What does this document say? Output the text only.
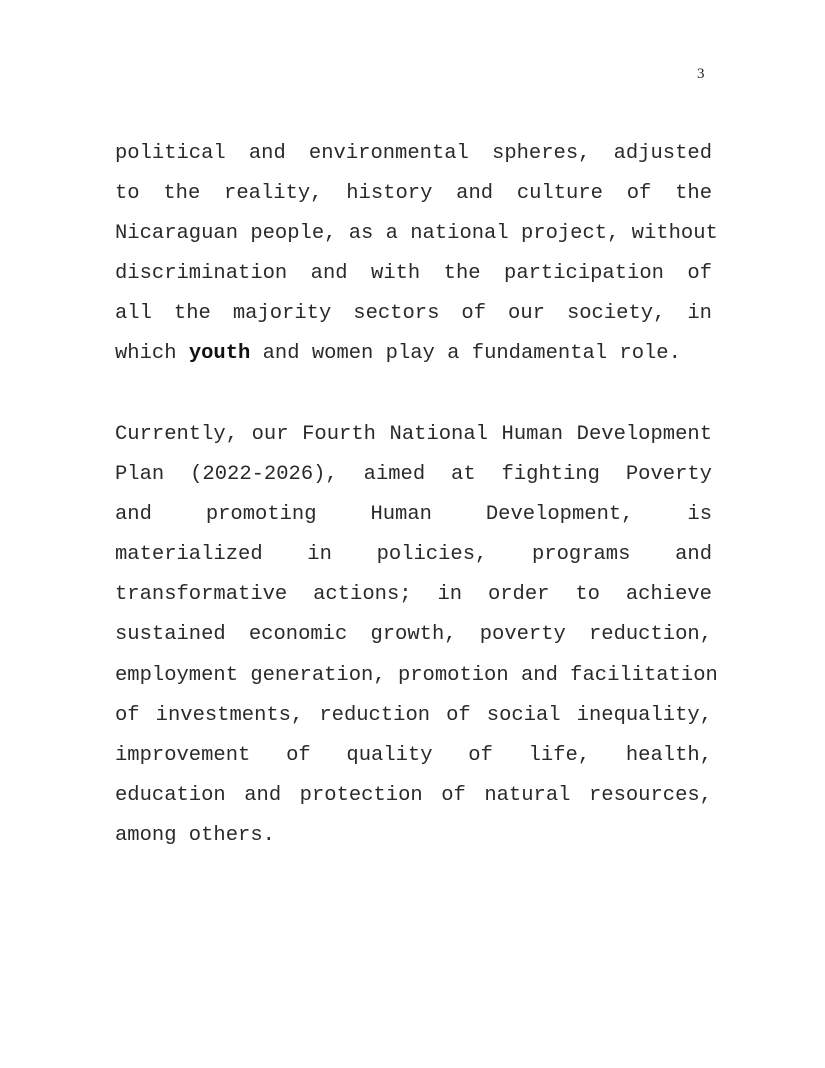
3
political and environmental spheres, adjusted
to the reality, history and culture of the
Nicaraguan people, as a national project, without
discrimination and with the participation of
all the majority sectors of our society, in
which youth and women play a fundamental role.
Currently, our Fourth National Human Development
Plan (2022-2026), aimed at fighting Poverty
and promoting Human Development, is
materialized in policies, programs and
transformative actions; in order to achieve
sustained economic growth, poverty reduction,
employment generation, promotion and facilitation
of investments, reduction of social inequality,
improvement of quality of life, health,
education and protection of natural resources,
among others.
